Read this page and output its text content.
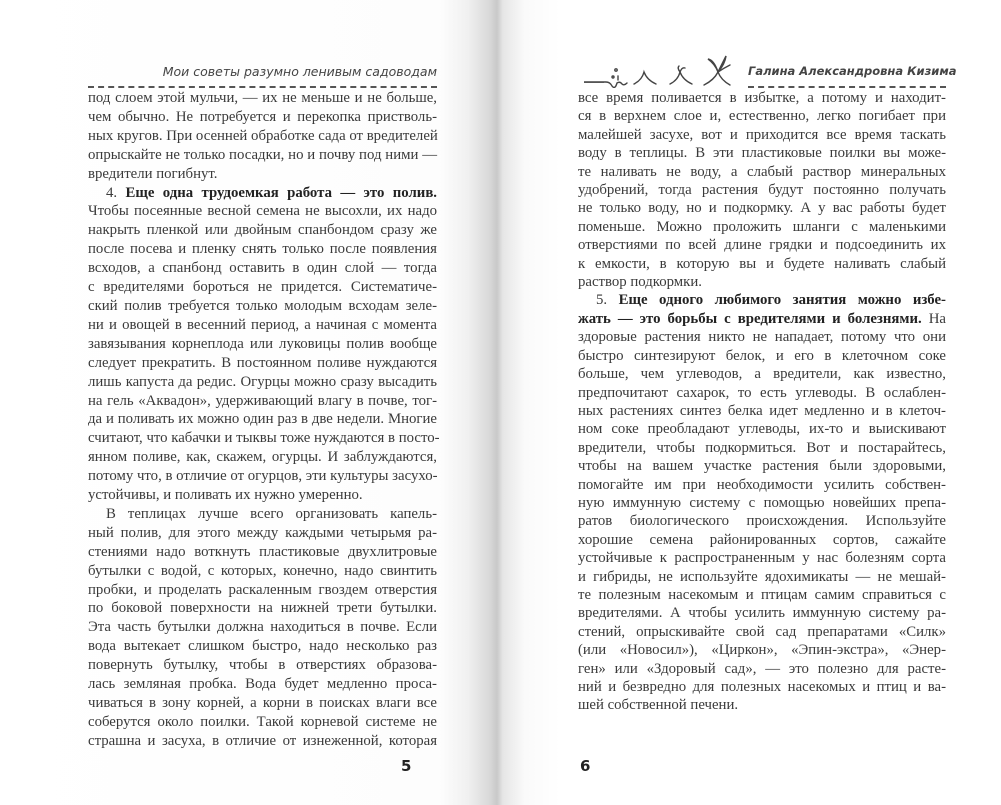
Мои советы разумно ленивым садоводам
под слоем этой мульчи, — их не меньше и не больше,
чем обычно. Не потребуется и перекопка пристволь-
ных кругов. При осенней обработке сада от вредителей
опрыскайте не только посадки, но и почву под ними —
вредители погибнут.
4. Еще одна трудоемкая работа — это полив.
Чтобы посеянные весной семена не высохли, их надо
накрыть пленкой или двойным спанбондом сразу же
после посева и пленку снять только после появления
всходов, а спанбонд оставить в один слой — тогда
с вредителями бороться не придется. Систематиче-
ский полив требуется только молодым всходам зеле-
ни и овощей в весенний период, а начиная с момента
завязывания корнеплода или луковицы полив вообще
следует прекратить. В постоянном поливе нуждаются
лишь капуста да редис. Огурцы можно сразу высадить
на гель «Аквадон», удерживающий влагу в почве, тог-
да и поливать их можно один раз в две недели. Многие
считают, что кабачки и тыквы тоже нуждаются в посто-
янном поливе, как, скажем, огурцы. И заблуждаются,
потому что, в отличие от огурцов, эти культуры засухо-
устойчивы, и поливать их нужно умеренно.
В теплицах лучше всего организовать капель-
ный полив, для этого между каждыми четырьмя ра-
стениями надо воткнуть пластиковые двухлитровые
бутылки с водой, с которых, конечно, надо свинтить
пробки, и проделать раскаленным гвоздем отверстия
по боковой поверхности на нижней трети бутылки.
Эта часть бутылки должна находиться в почве. Если
вода вытекает слишком быстро, надо несколько раз
повернуть бутылку, чтобы в отверстиях образова-
лась земляная пробка. Вода будет медленно проса-
чиваться в зону корней, а корни в поисках влаги все
соберутся около поилки. Такой корневой системе не
страшна и засуха, в отличие от изнеженной, которая
5
Галина Александровна Кизима
все время поливается в избытке, а потому и находит-
ся в верхнем слое и, естественно, легко погибает при
малейшей засухе, вот и приходится все время таскать
воду в теплицы. В эти пластиковые поилки вы може-
те наливать не воду, а слабый раствор минеральных
удобрений, тогда растения будут постоянно получать
не только воду, но и подкормку. А у вас работы будет
поменьше. Можно проложить шланги с маленькими
отверстиями по всей длине грядки и подсоединить их
к емкости, в которую вы и будете наливать слабый
раствор подкормки.
5. Еще одного любимого занятия можно избе-
жать — это борьбы с вредителями и болезнями. На
здоровые растения никто не нападает, потому что они
быстро синтезируют белок, и его в клеточном соке
больше, чем углеводов, а вредители, как известно,
предпочитают сахарок, то есть углеводы. В ослаблен-
ных растениях синтез белка идет медленно и в клеточ-
ном соке преобладают углеводы, их-то и выискивают
вредители, чтобы подкормиться. Вот и постарайтесь,
чтобы на вашем участке растения были здоровыми,
помогайте им при необходимости усилить собствен-
ную иммунную систему с помощью новейших препа-
ратов биологического происхождения. Используйте
хорошие семена районированных сортов, сажайте
устойчивые к распространенным у нас болезням сорта
и гибриды, не используйте ядохимикаты — не мешай-
те полезным насекомым и птицам самим справиться с
вредителями. А чтобы усилить иммунную систему ра-
стений, опрыскивайте свой сад препаратами «Силк»
(или «Новосил»), «Циркон», «Эпин-экстра», «Энер-
ген» или «Здоровый сад», — это полезно для расте-
ний и безвредно для полезных насекомых и птиц и ва-
шей собственной печени.
6
